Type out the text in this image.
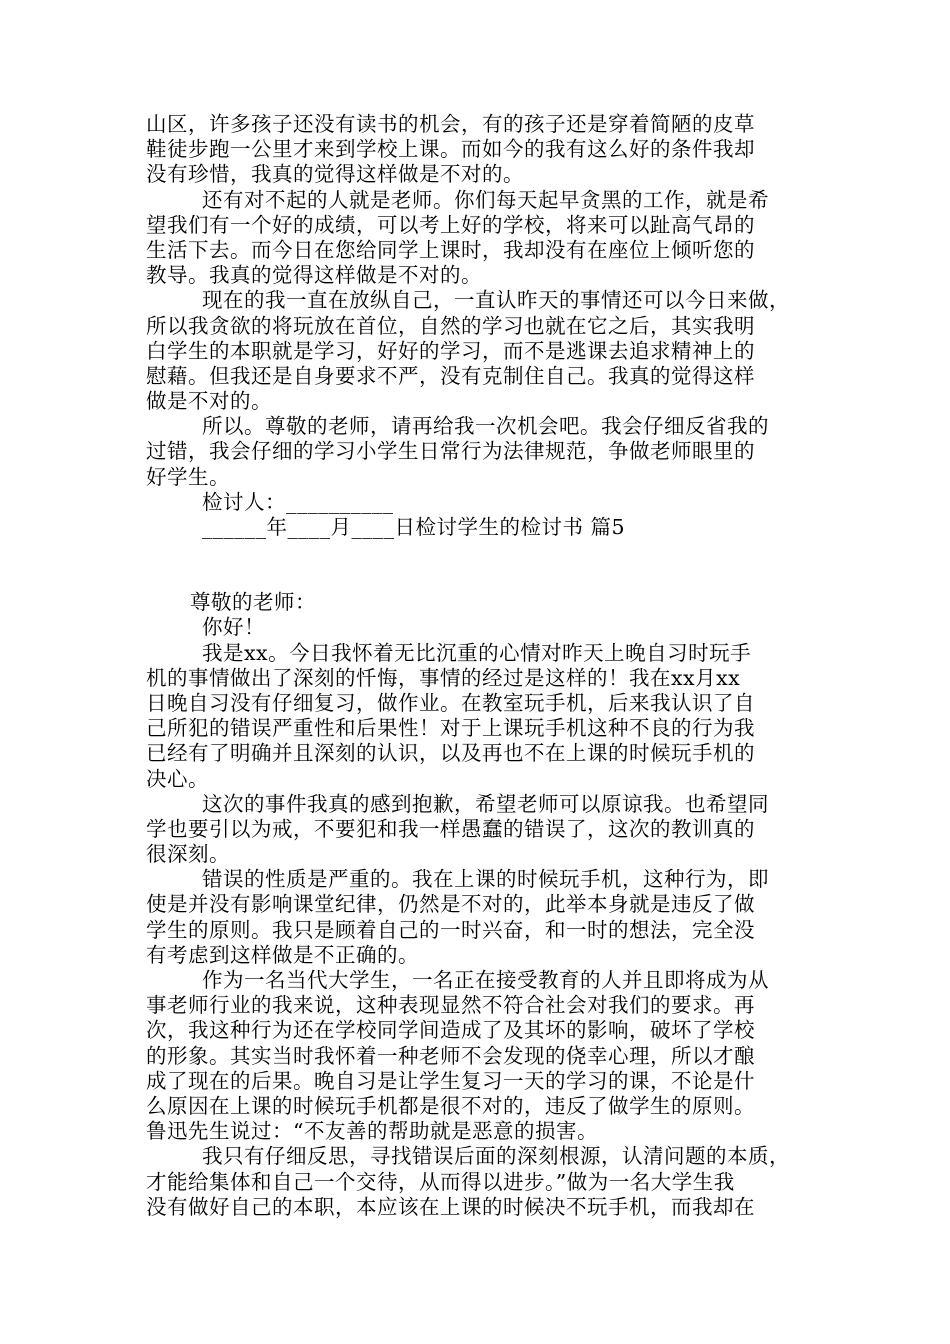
山区，许多孩子还没有读书的机会，有的孩子还是穿着简陋的皮草
鞋徒步跑一公里才来到学校上课。而如今的我有这么好的条件我却
没有珍惜，我真的觉得这样做是不对的。
还有对不起的人就是老师。你们每天起早贪黑的工作，就是希
望我们有一个好的成绩，可以考上好的学校，将来可以趾高气昂的
生活下去。而今日在您给同学上课时，我却没有在座位上倾听您的
教导。我真的觉得这样做是不对的。
现在的我一直在放纵自己，一直认昨天的事情还可以今日来做，
所以我贪欲的将玩放在首位，自然的学习也就在它之后，其实我明
白学生的本职就是学习，好好的学习，而不是逃课去追求精神上的
慰藉。但我还是自身要求不严，没有克制住自己。我真的觉得这样
做是不对的。
所以。尊敬的老师，请再给我一次机会吧。我会仔细反省我的
过错，我会仔细的学习小学生日常行为法律规范，争做老师眼里的
好学生。
检讨人：__________
______年____月____日检讨学生的检讨书 篇5
尊敬的老师：
你好！
我是xx。今日我怀着无比沉重的心情对昨天上晚自习时玩手
机的事情做出了深刻的忏悔，事情的经过是这样的！我在xx月xx
日晚自习没有仔细复习，做作业。在教室玩手机，后来我认识了自
己所犯的错误严重性和后果性！对于上课玩手机这种不良的行为我
已经有了明确并且深刻的认识，以及再也不在上课的时候玩手机的
决心。
这次的事件我真的感到抱歉，希望老师可以原谅我。也希望同
学也要引以为戒，不要犯和我一样愚蠢的错误了，这次的教训真的
很深刻。
错误的性质是严重的。我在上课的时候玩手机，这种行为，即
使是并没有影响课堂纪律，仍然是不对的，此举本身就是违反了做
学生的原则。我只是顾着自己的一时兴奋，和一时的想法，完全没
有考虑到这样做是不正确的。
作为一名当代大学生，一名正在接受教育的人并且即将成为从
事老师行业的我来说，这种表现显然不符合社会对我们的要求。再
次，我这种行为还在学校同学间造成了及其坏的影响，破坏了学校
的形象。其实当时我怀着一种老师不会发现的侥幸心理，所以才酿
成了现在的后果。晚自习是让学生复习一天的学习的课，不论是什
么原因在上课的时候玩手机都是很不对的，违反了做学生的原则。
鲁迅先生说过：“不友善的帮助就是恶意的损害。
我只有仔细反思，寻找错误后面的深刻根源，认清问题的本质，
才能给集体和自己一个交待，从而得以进步。”做为一名大学生我
没有做好自己的本职，本应该在上课的时候决不玩手机，而我却在
